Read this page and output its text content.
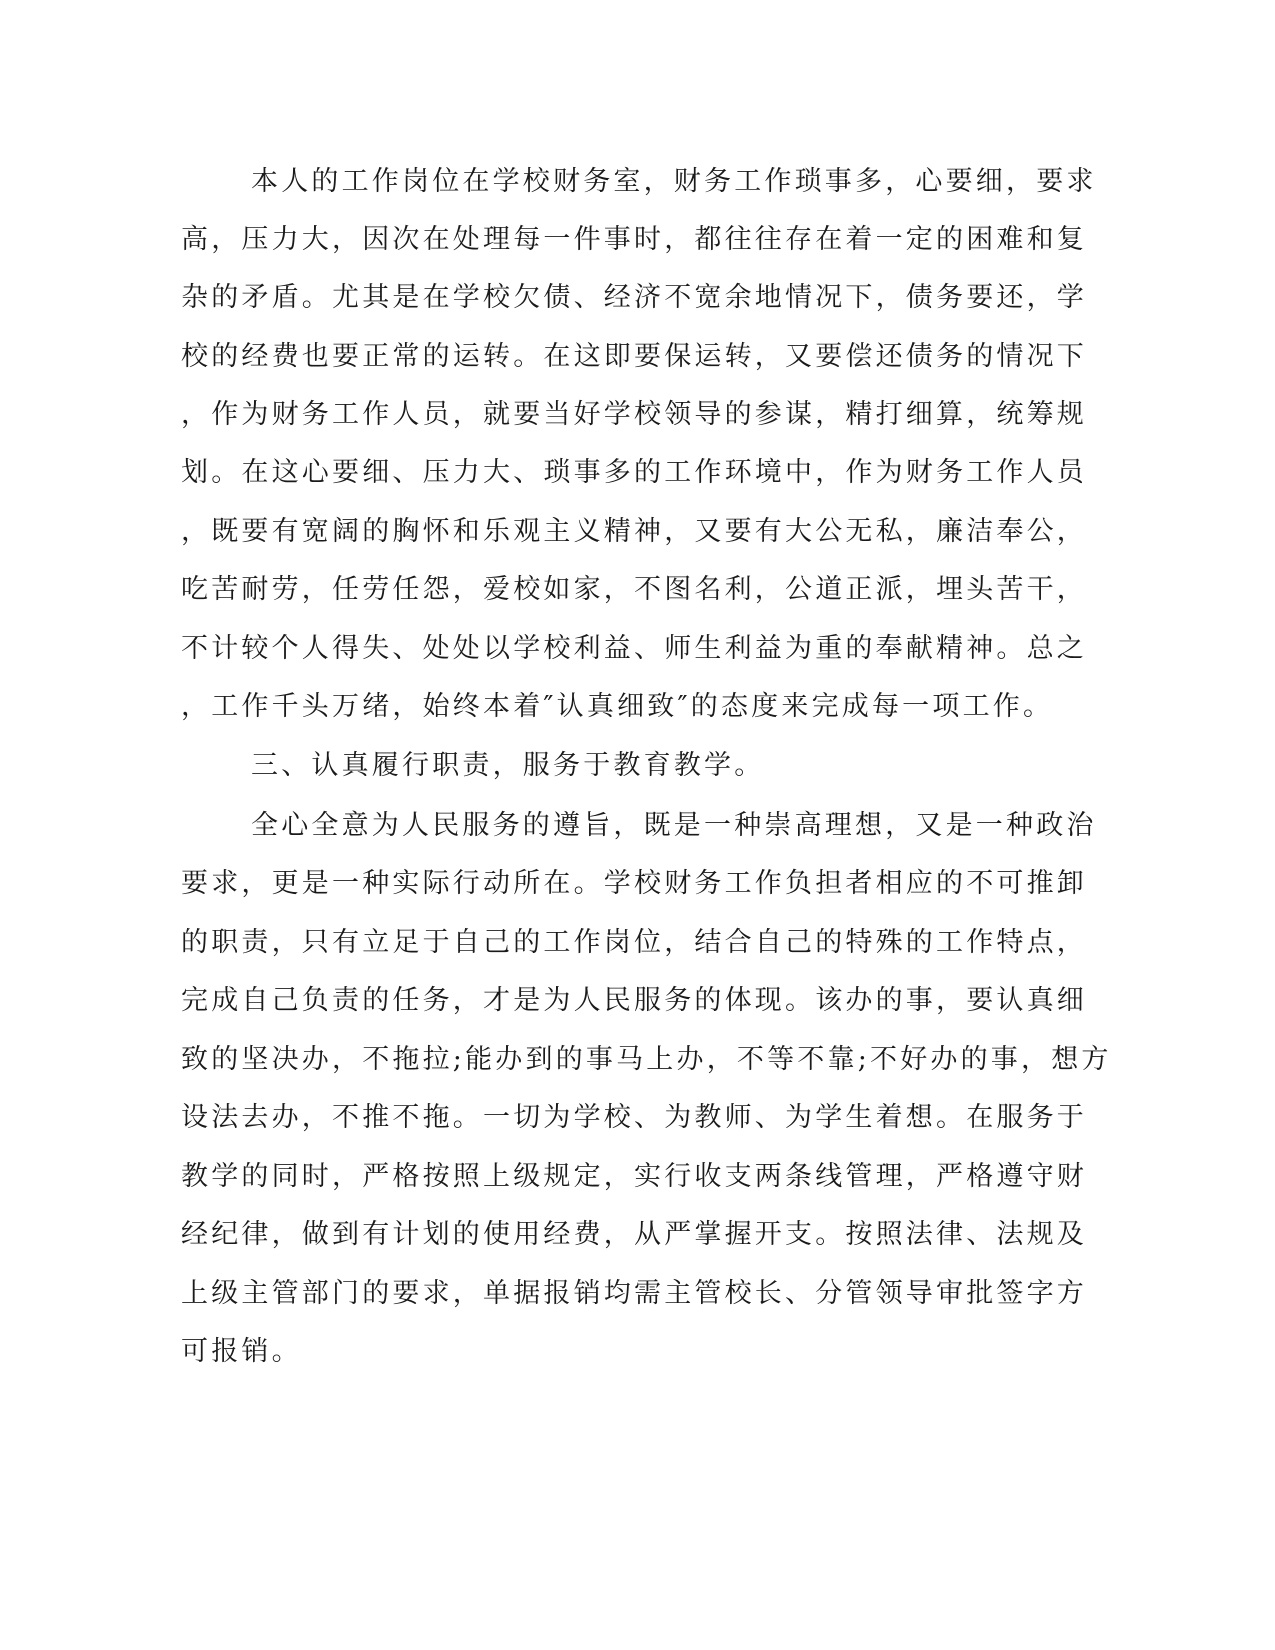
本人的工作岗位在学校财务室，财务工作琐事多，心要细，要求

高，压力大，因次在处理每一件事时，都往往存在着一定的困难和复

杂的矛盾。尤其是在学校欠债、经济不宽余地情况下，债务要还，学

校的经费也要正常的运转。在这即要保运转，又要偿还债务的情况下

，作为财务工作人员，就要当好学校领导的参谋，精打细算，统筹规

划。在这心要细、压力大、琐事多的工作环境中，作为财务工作人员

，既要有宽阔的胸怀和乐观主义精神，又要有大公无私，廉洁奉公，

吃苦耐劳，任劳任怨，爱校如家，不图名利，公道正派，埋头苦干，

不计较个人得失、处处以学校利益、师生利益为重的奉献精神。总之

，工作千头万绪，始终本着″认真细致″的态度来完成每一项工作。

三、认真履行职责，服务于教育教学。

全心全意为人民服务的遵旨，既是一种崇高理想，又是一种政治

要求，更是一种实际行动所在。学校财务工作负担者相应的不可推卸

的职责，只有立足于自己的工作岗位，结合自己的特殊的工作特点，

完成自己负责的任务，才是为人民服务的体现。该办的事，要认真细

致的坚决办，不拖拉;能办到的事马上办，不等不靠;不好办的事，想方

设法去办，不推不拖。一切为学校、为教师、为学生着想。在服务于

教学的同时，严格按照上级规定，实行收支两条线管理，严格遵守财

经纪律，做到有计划的使用经费，从严掌握开支。按照法律、法规及

上级主管部门的要求，单据报销均需主管校长、分管领导审批签字方

可报销。
